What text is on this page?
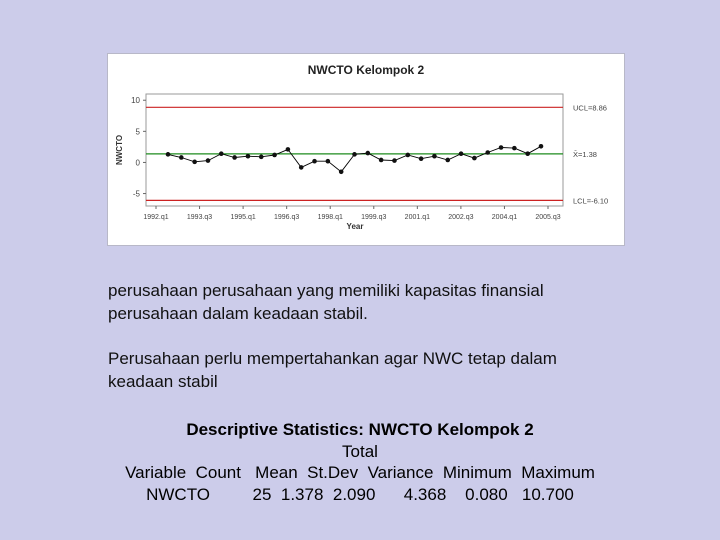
NWCTO Kelompok 2
NWCTO
Year
-5
0
5
10
UCL=8.86
X̄=1.38
LCL=-6.10
1992.q1	1993.q3	1995.q1	1996.q3	1998.q1	1999.q3	2001.q1	2002.q3	2004.q1	2005.q3
perusahaan perusahaan yang memiliki kapasitas finansial
perusahaan dalam keadaan stabil.
Perusahaan perlu mempertahankan agar NWC tetap dalam
keadaan stabil
Descriptive Statistics: NWCTO Kelompok 2
Total
Variable  Count   Mean  St.Dev  Variance  Minimum  Maximum
NWCTO         25  1.378  2.090      4.368    0.080   10.700
